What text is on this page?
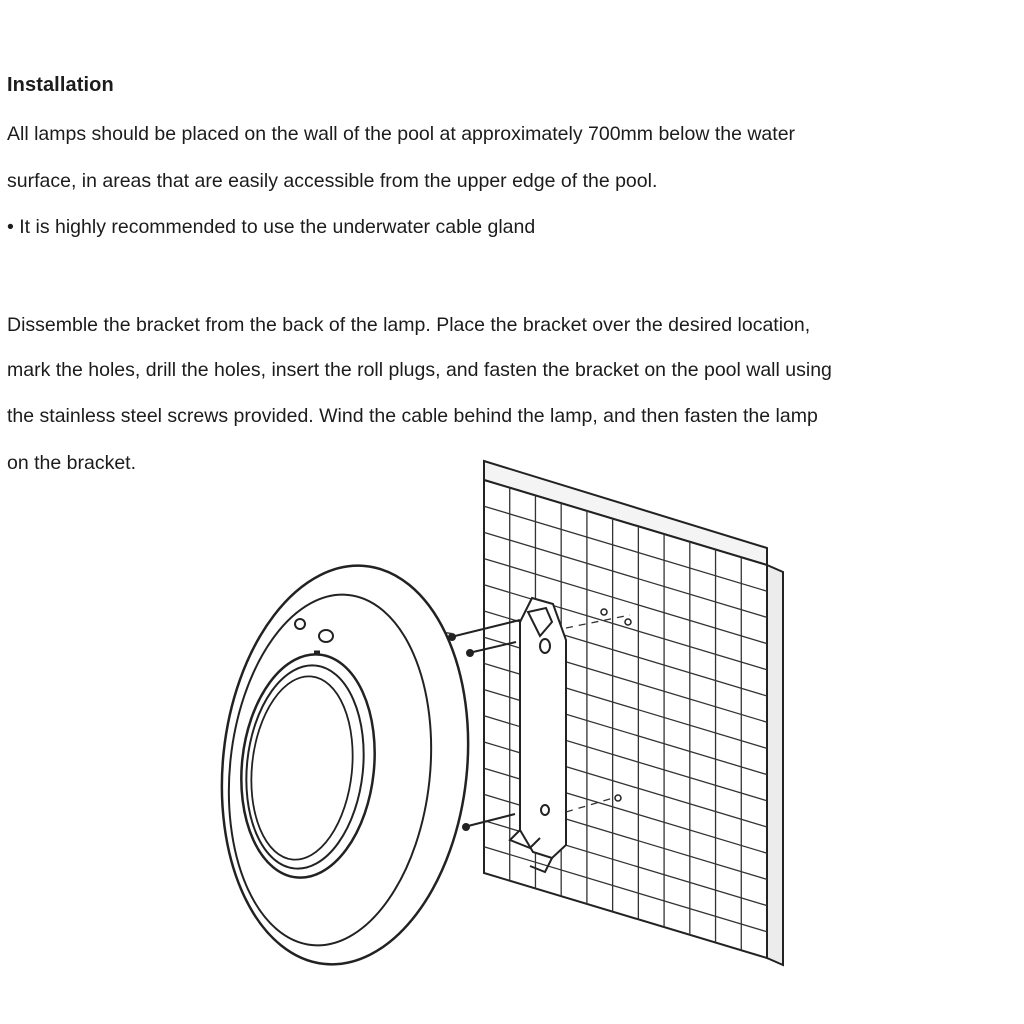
Installation
All lamps should be placed on the wall of the pool at approximately 700mm below the water
surface, in areas that are easily accessible from the upper edge of the pool.
• It is highly recommended to use the underwater cable gland
Dissemble the bracket from the back of the lamp. Place the bracket over the desired location,
mark the holes, drill the holes, insert the roll plugs, and fasten the bracket on the pool wall using
the stainless steel screws provided. Wind the cable behind the lamp, and then fasten the lamp
on the bracket.
